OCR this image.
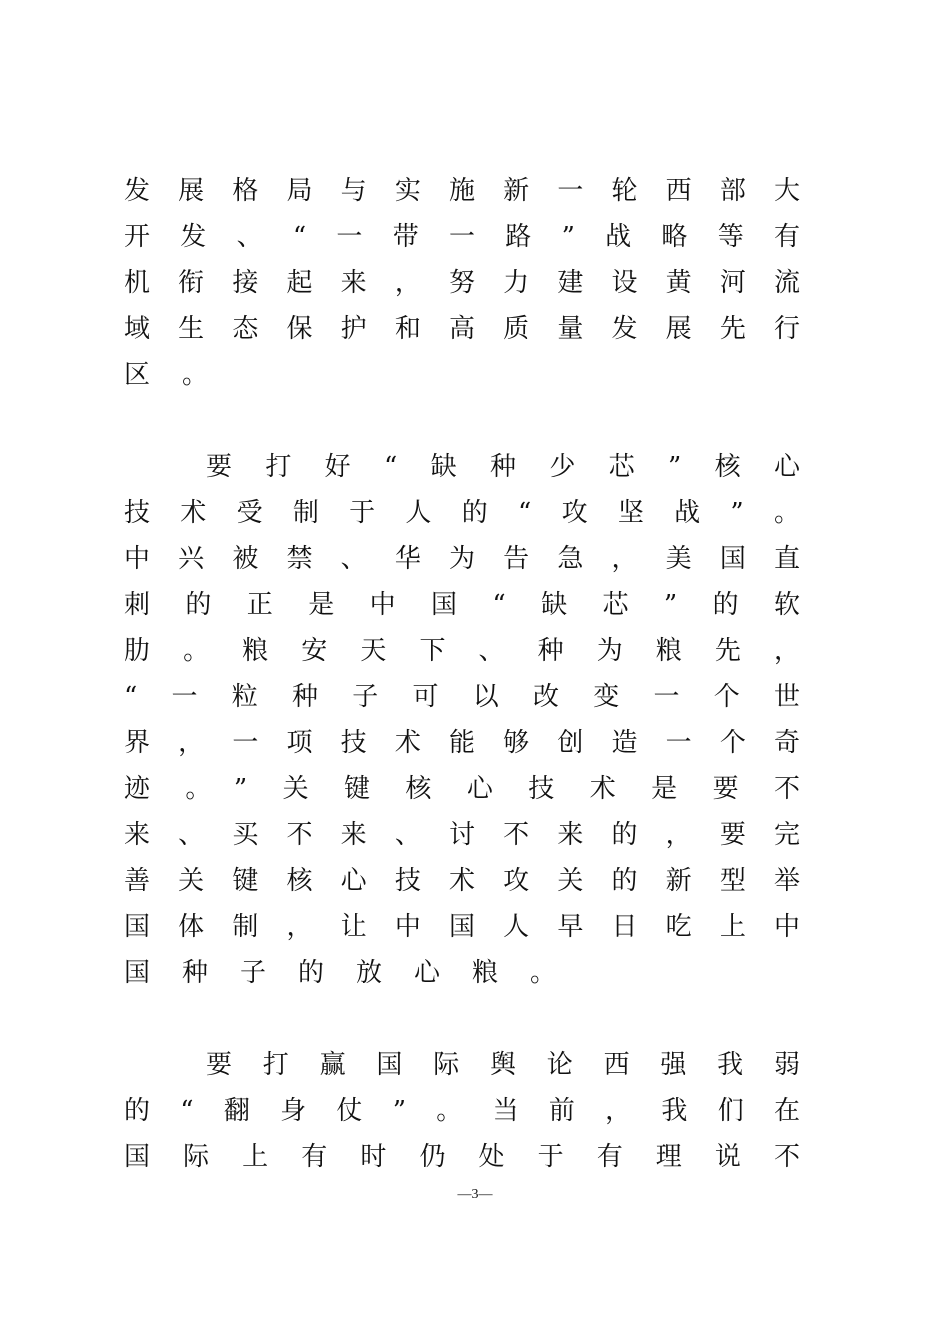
发展格局与实施新一轮西部大
开发、“一带一路”战略等有
机衔接起来，努力建设黄河流
域生态保护和高质量发展先行
区。
要打好“缺种少芯”核心
技术受制于人的“攻坚战”。
中兴被禁、华为告急，美国直
刺的正是中国“缺芯”的软
肋。粮安天下、种为粮先，
“一粒种子可以改变一个世
界，一项技术能够创造一个奇
迹。”关键核心技术是要不
来、买不来、讨不来的，要完
善关键核心技术攻关的新型举
国体制，让中国人早日吃上中
国种子的放心粮。
要打赢国际舆论西强我弱
的“翻身仗”。当前，我们在
国际上有时仍处于有理说不
—3—
